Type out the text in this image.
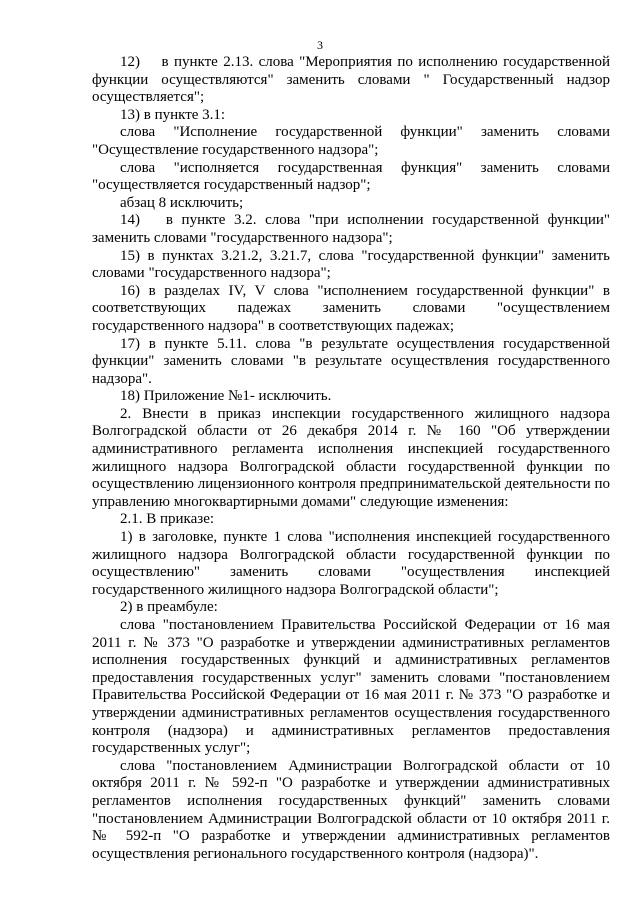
3

12)    в пункте 2.13. слова "Мероприятия по исполнению государственной функции осуществляются" заменить словами " Государственный надзор осуществляется";

13) в пункте 3.1:

слова "Исполнение государственной функции" заменить словами "Осуществление государственного надзора";

слова "исполняется государственная функция" заменить словами "осуществляется государственный надзор";

абзац 8 исключить;

14)   в пункте 3.2. слова "при исполнении государственной функции" заменить словами "государственного надзора";

15) в пунктах 3.21.2, 3.21.7, слова "государственной функции" заменить словами "государственного надзора";

16) в разделах IV, V слова "исполнением государственной функции" в соответствующих падежах заменить словами "осуществлением государственного надзора" в соответствующих падежах;

17) в пункте 5.11. слова "в результате осуществления государственной функции" заменить словами "в результате осуществления государственного надзора".

18) Приложение №1- исключить.

2. Внести в приказ инспекции государственного жилищного надзора Волгоградской области от 26 декабря 2014 г. № 160 "Об утверждении административного регламента исполнения инспекцией государственного жилищного надзора Волгоградской области государственной функции по осуществлению лицензионного контроля предпринимательской деятельности по управлению многоквартирными домами" следующие изменения:

2.1. В приказе:

1) в заголовке, пункте 1 слова "исполнения инспекцией государственного жилищного надзора Волгоградской области государственной функции по осуществлению" заменить словами "осуществления инспекцией государственного жилищного надзора Волгоградской области";

2) в преамбуле:

слова "постановлением Правительства Российской Федерации от 16 мая 2011 г. № 373 "О разработке и утверждении административных регламентов исполнения государственных функций и административных регламентов предоставления государственных услуг" заменить словами "постановлением Правительства Российской Федерации от 16 мая 2011 г. № 373 "О разработке и утверждении административных регламентов осуществления государственного контроля (надзора) и административных регламентов предоставления государственных услуг";

слова "постановлением Администрации Волгоградской области от 10 октября 2011 г. № 592-п "О разработке и утверждении административных регламентов исполнения государственных функций" заменить словами "постановлением Администрации Волгоградской области от 10 октября 2011 г. № 592-п "О разработке и утверждении административных регламентов осуществления регионального государственного контроля (надзора)".
